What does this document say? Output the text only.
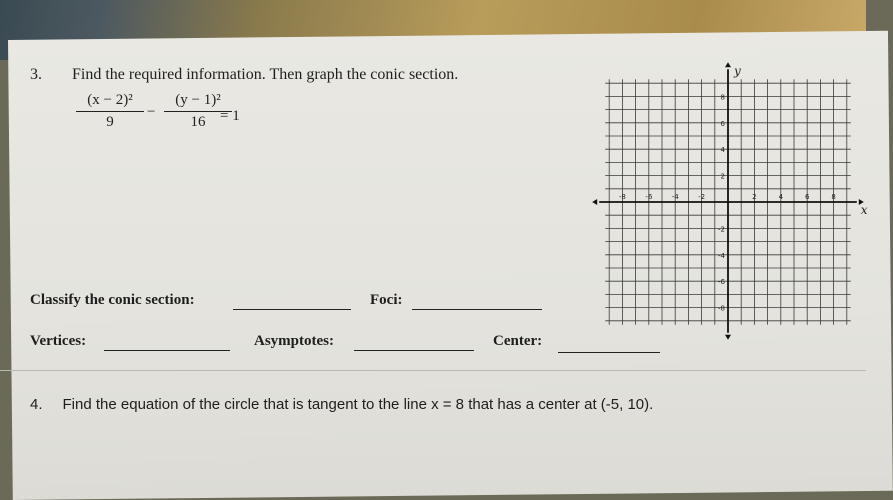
3. Find the required information. Then graph the conic section.
$\frac{\text{(x − 2)²}}{9} - \frac{\text{(y − 1)²}}{16}$
= 1
Classify the conic section:	Foci:
Vertices:	Asymptotes:	Center:
-8	-6	-4	-2	2	4	6	8
8
6
4
2
-2
-4
-6
-8
x
y
4. Find the equation of the circle that is tangent to the line x = 8 that has a center at (-5, 10).
